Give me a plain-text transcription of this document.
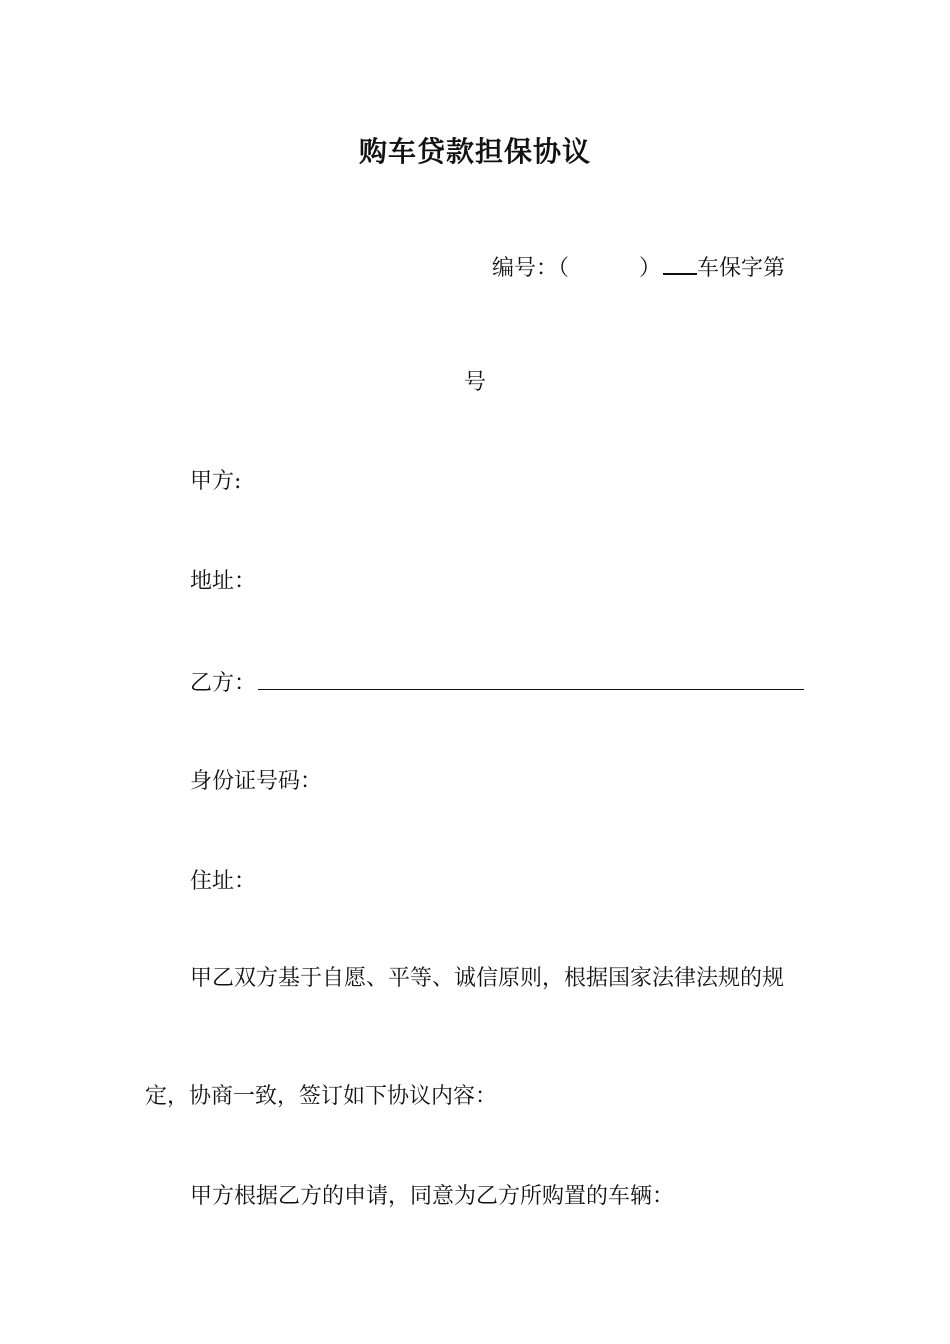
购车贷款担保协议
编号：（	） 车保字第
号
甲方:
地址：
乙方：
身份证号码：
住址：
甲乙双方基于自愿、平等、诚信原则，根据国家法律法规的规
定，协商一致，签订如下协议内容：
甲方根据乙方的申请，同意为乙方所购置的车辆：
